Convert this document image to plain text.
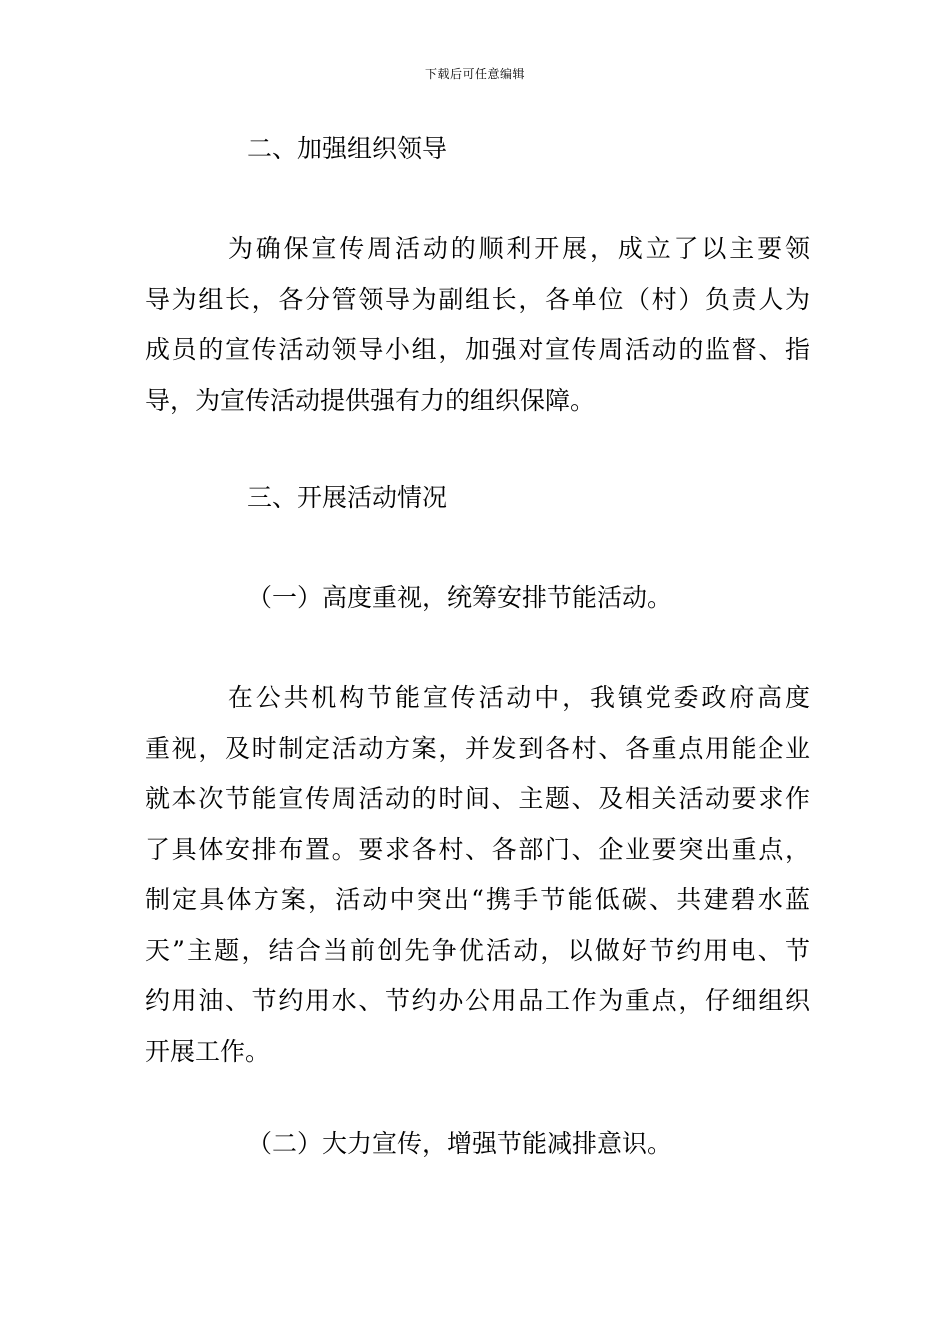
下载后可任意编辑
二、加强组织领导
　为确保宣传周活动的顺利开展，成立了以主要领
导为组长，各分管领导为副组长，各单位（村）负责人为
成员的宣传活动领导小组，加强对宣传周活动的监督、指
导，为宣传活动提供强有力的组织保障。
三、开展活动情况
（一）高度重视，统筹安排节能活动。
　在公共机构节能宣传活动中，我镇党委政府高度
重视，及时制定活动方案，并发到各村、各重点用能企业
就本次节能宣传周活动的时间、主题、及相关活动要求作
了具体安排布置。要求各村、各部门、企业要突出重点，
制定具体方案，活动中突出“携手节能低碳、共建碧水蓝
天”主题，结合当前创先争优活动，以做好节约用电、节
约用油、节约用水、节约办公用品工作为重点，仔细组织
开展工作。
（二）大力宣传，增强节能减排意识。
